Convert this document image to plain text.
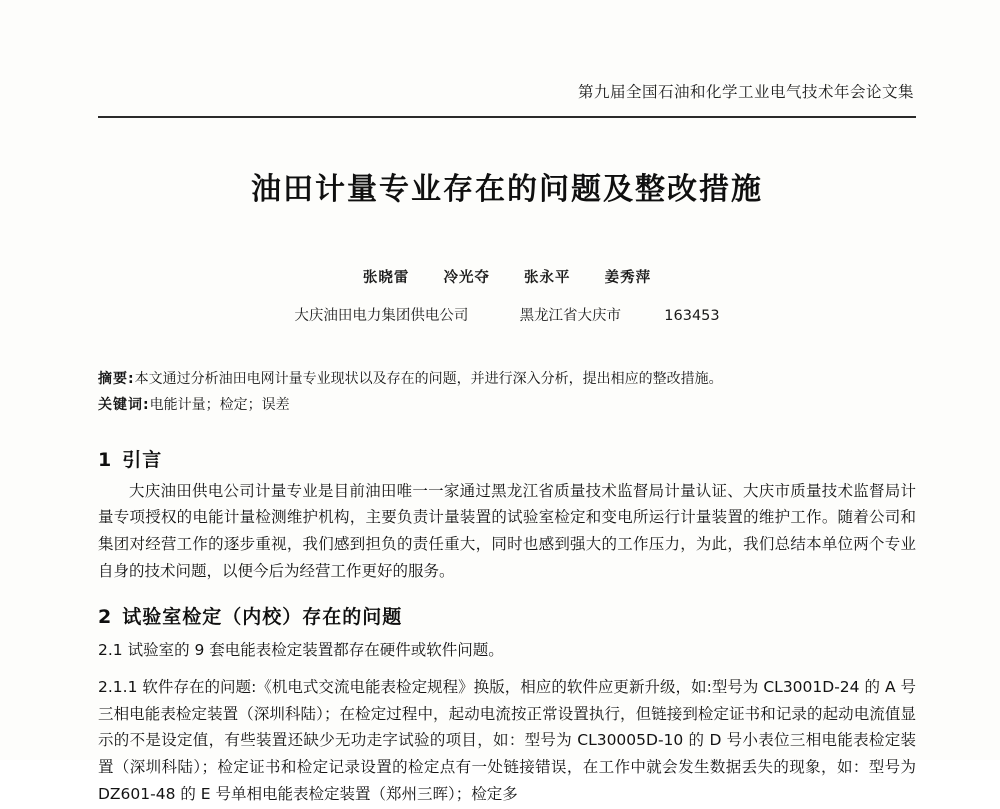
第九届全国石油和化学工业电气技术年会论文集
油田计量专业存在的问题及整改措施
张晓雷 冷光夺 张永平 姜秀萍
大庆油田电力集团供电公司	黑龙江省大庆市	163453
摘要:本文通过分析油田电网计量专业现状以及存在的问题，并进行深入分析，提出相应的整改措施。
关键词:电能计量；检定；误差
1 引言

大庆油田供电公司计量专业是目前油田唯一一家通过黑龙江省质量技术监督局计量认证、大庆市质量技术监督局计量专项授权的电能计量检测维护机构，主要负责计量装置的试验室检定和变电所运行计量装置的维护工作。随着公司和集团对经营工作的逐步重视，我们感到担负的责任重大，同时也感到强大的工作压力，为此，我们总结本单位两个专业自身的技术问题，以便今后为经营工作更好的服务。

2 试验室检定（内校）存在的问题

2.1 试验室的 9 套电能表检定装置都存在硬件或软件问题。

2.1.1 软件存在的问题:《机电式交流电能表检定规程》换版，相应的软件应更新升级，如:型号为 CL3001D-24 的 A 号三相电能表检定装置（深圳科陆）；在检定过程中，起动电流按正常设置执行，但链接到检定证书和记录的起动电流值显示的不是设定值，有些装置还缺少无功走字试验的项目，如：型号为 CL30005D-10 的 D 号小表位三相电能表检定装置（深圳科陆）；检定证书和检定记录设置的检定点有一处链接错误，在工作中就会发生数据丢失的现象，如：型号为 DZ601-48 的 E 号单相电能表检定装置（郑州三晖）；检定多
